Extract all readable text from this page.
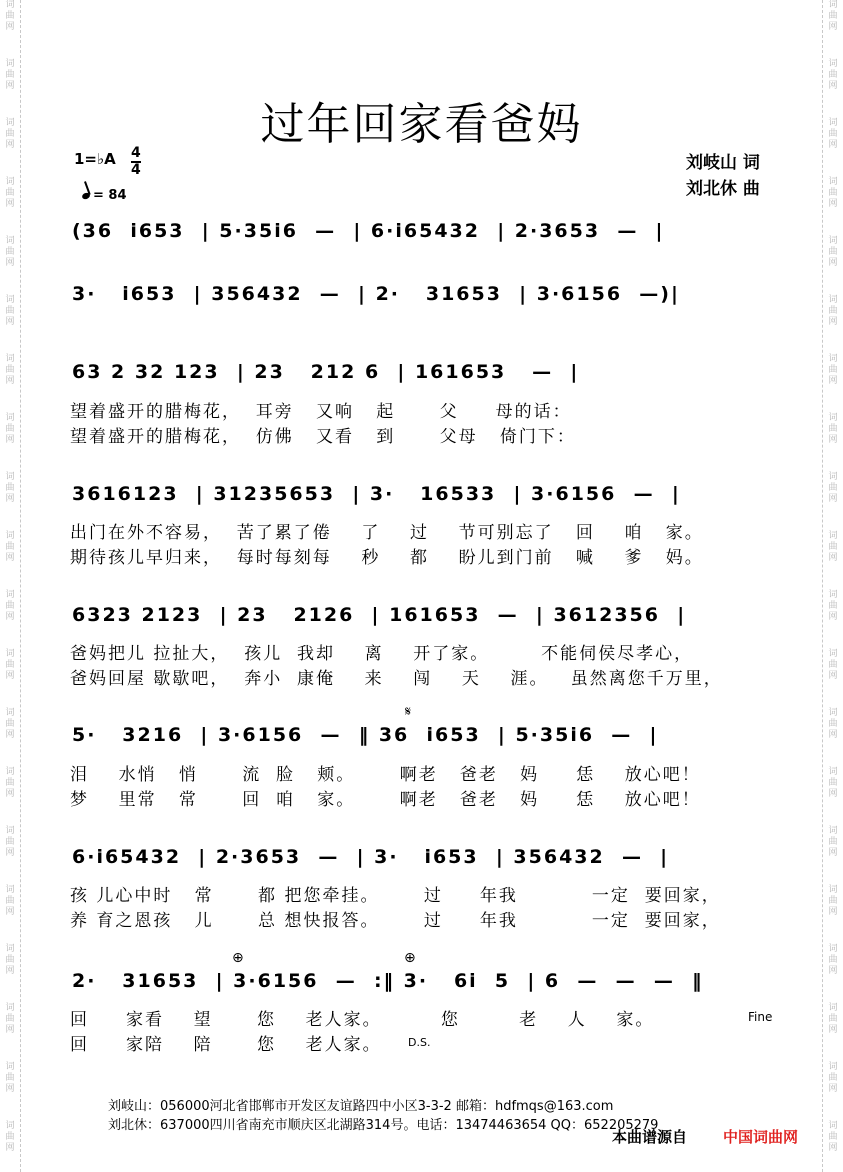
词
曲
网
词
曲
网
词
曲
网
词
曲
网
词
曲
网
词
曲
网
词
曲
网
词
曲
网
词
曲
网
词
曲
网
词
曲
网
词
曲
网
词
曲
网
词
曲
网
词
曲
网
词
曲
网
词
曲
网
词
曲
网
词
曲
网
词
曲
网
词
曲
网
词
曲
网
词
曲
网
词
曲
网
词
曲
网
词
曲
网
词
曲
网
词
曲
网
词
曲
网
词
曲
网
词
曲
网
词
曲
网
词
曲
网
词
曲
网
词
曲
网
词
曲
网
词
曲
网
词
曲
网
词
曲
网
词
曲
网
过年回家看爸妈
1=♭A 4
4
= 84
刘岐山 词
刘北休 曲
(36  i653  | 5·35i6  —  | 6·i65432  | 2·3653  —  |
3·   i653  | 356432  —  | 2·   31653  | 3·6156  —)|
63 2 32 123  | 23   212 6  | 161653   —  |
望着盛开的腊梅花，  耳旁   又响   起      父     母的话：
望着盛开的腊梅花，  仿佛   又看   到      父母   倚门下：
3616123  | 31235653  | 3·   16533  | 3·6156  —  |
出门在外不容易，  苦了累了倦    了    过    节可别忘了   回    咱   家。
期待孩儿早归来，  每时每刻每    秒    都    盼儿到门前   喊    爹   妈。
6323 2123  | 23   2126  | 161653  —  | 3612356  |
爸妈把儿 拉扯大，  孩儿  我却    离    开了家。       不能伺侯尽孝心，
爸妈回屋 歇歇吧，  奔小  康俺    来    闯    天    涯。   虽然离您千万里，
𝄋
5·   3216  | 3·6156  —  ‖ 36  i653  | 5·35i6  —  |
泪    水悄   悄      流  脸   颊。      啊老   爸老   妈     恁    放心吧！
梦    里常   常      回  咱   家。      啊老   爸老   妈     恁    放心吧！
6·i65432  | 2·3653  —  | 3·   i653  | 356432  —  |
孩 儿心中时   常      都 把您牵挂。      过     年我          一定  要回家，
养 育之恩孩   儿      总 想快报答。      过     年我          一定  要回家，
⊕	⊕
2·   31653  | 3·6156  —  :‖ 3·   6i  5  | 6  —  —  —  ‖
回     家看    望      您    老人家。        您        老    人    家。
回     家陪    陪      您    老人家。
Fine
D.S.
刘岐山：056000河北省邯郸市开发区友谊路四中小区3-3-2 邮箱：hdfmqs@163.com
刘北休：637000四川省南充市顺庆区北湖路314号。电话：13474463654 QQ：652205279
本曲谱源自 中国词曲网
